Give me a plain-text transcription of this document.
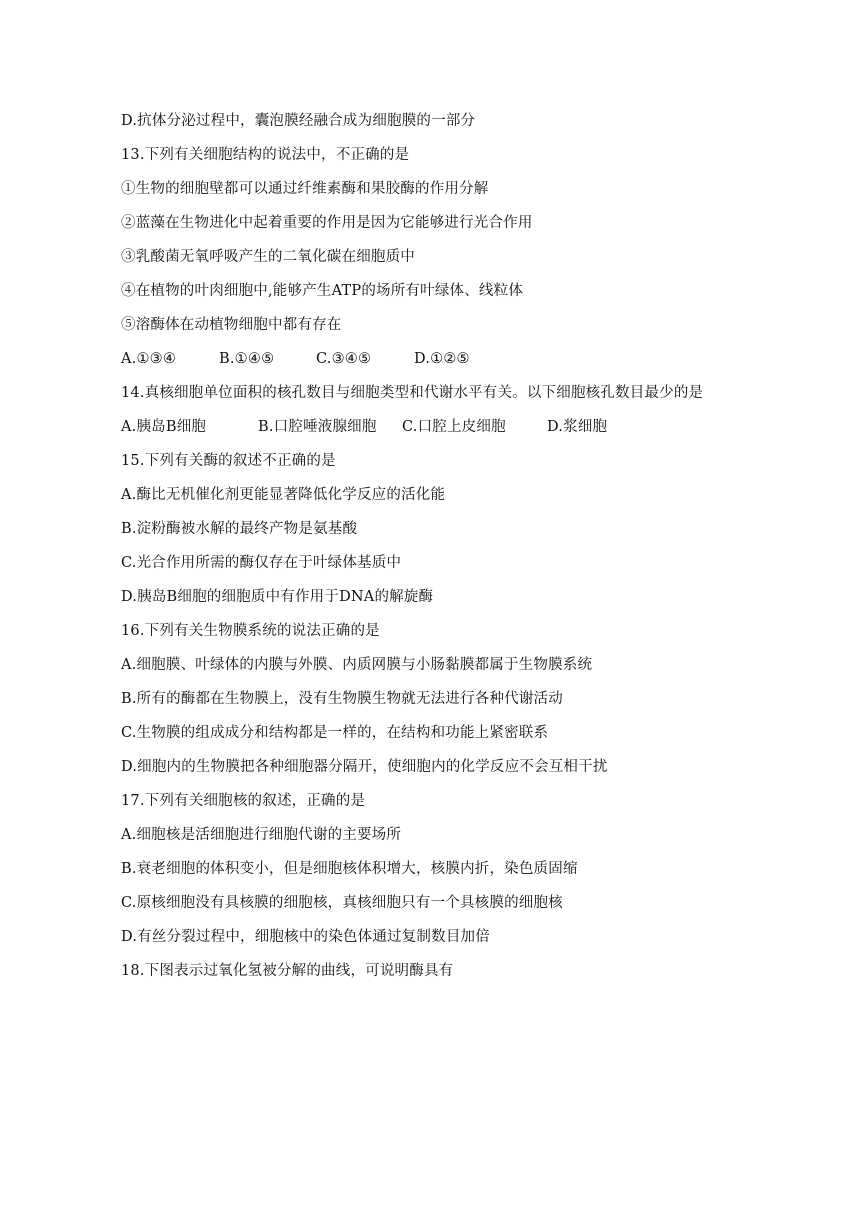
D.抗体分泌过程中，囊泡膜经融合成为细胞膜的一部分
13.下列有关细胞结构的说法中，不正确的是
①生物的细胞壁都可以通过纤维素酶和果胶酶的作用分解
②蓝藻在生物进化中起着重要的作用是因为它能够进行光合作用
③乳酸菌无氧呼吸产生的二氧化碳在细胞质中
④在植物的叶肉细胞中,能够产生ATP的场所有叶绿体、线粒体
⑤溶酶体在动植物细胞中都有存在
A.①③④	B.①④⑤	C.③④⑤	D.①②⑤
14.真核细胞单位面积的核孔数目与细胞类型和代谢水平有关。以下细胞核孔数目最少的是
A.胰岛B细胞	B.口腔唾液腺细胞	C.口腔上皮细胞	D.浆细胞
15.下列有关酶的叙述不正确的是
A.酶比无机催化剂更能显著降低化学反应的活化能
B.淀粉酶被水解的最终产物是氨基酸
C.光合作用所需的酶仅存在于叶绿体基质中
D.胰岛B细胞的细胞质中有作用于DNA的解旋酶
16.下列有关生物膜系统的说法正确的是
A.细胞膜、叶绿体的内膜与外膜、内质网膜与小肠黏膜都属于生物膜系统
B.所有的酶都在生物膜上，没有生物膜生物就无法进行各种代谢活动
C.生物膜的组成成分和结构都是一样的，在结构和功能上紧密联系
D.细胞内的生物膜把各种细胞器分隔开，使细胞内的化学反应不会互相干扰
17.下列有关细胞核的叙述，正确的是
A.细胞核是活细胞进行细胞代谢的主要场所
B.衰老细胞的体积变小，但是细胞核体积增大，核膜内折，染色质固缩
C.原核细胞没有具核膜的细胞核，真核细胞只有一个具核膜的细胞核
D.有丝分裂过程中，细胞核中的染色体通过复制数目加倍
18.下图表示过氧化氢被分解的曲线，可说明酶具有
